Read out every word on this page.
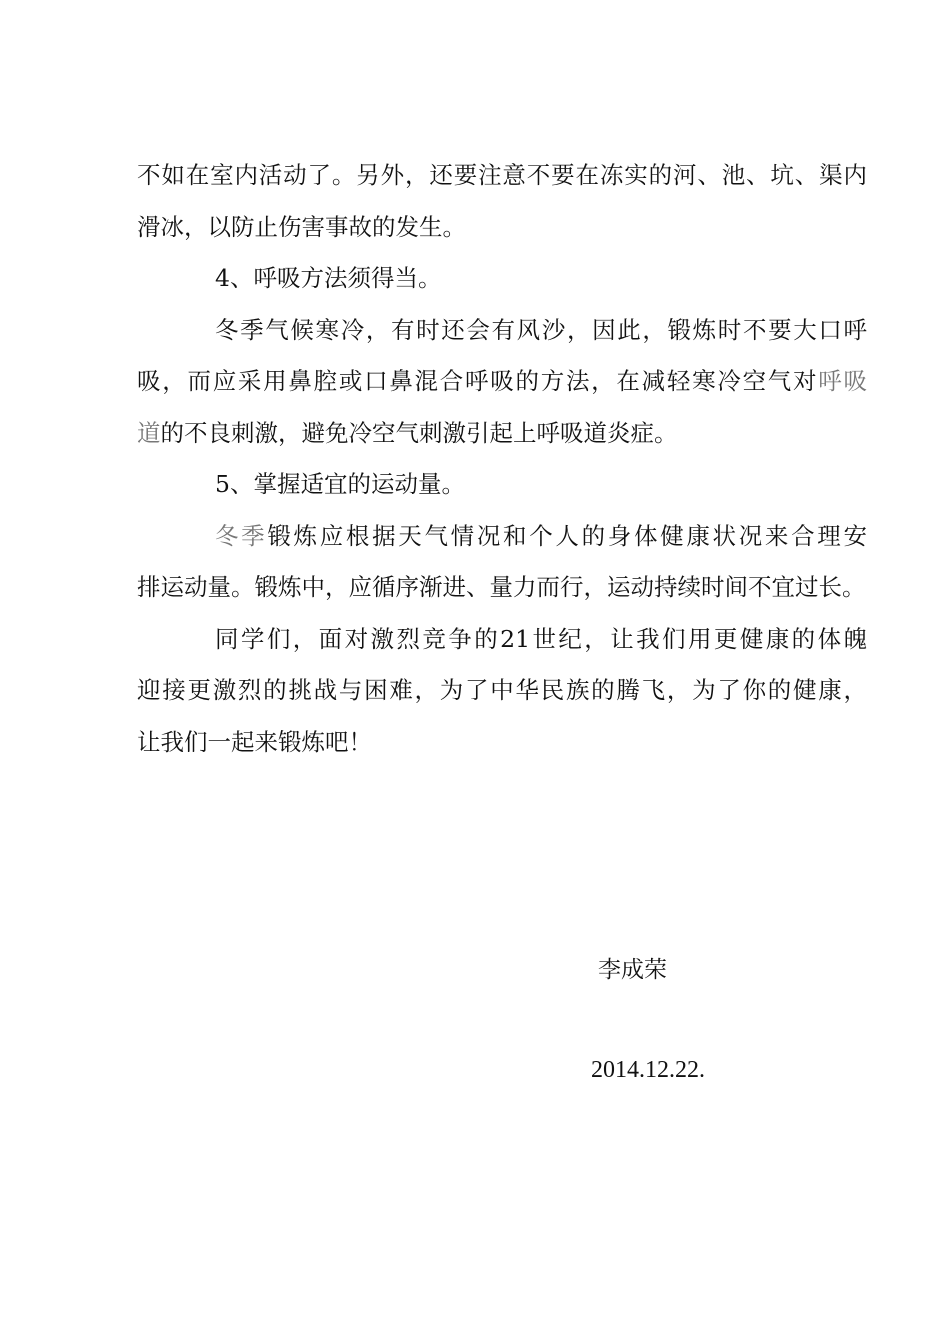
不如在室内活动了。另外，还要注意不要在冻实的河、池、坑、渠内
滑冰，以防止伤害事故的发生。
4、呼吸方法须得当。
冬季气候寒冷，有时还会有风沙，因此，锻炼时不要大口呼
吸，而应采用鼻腔或口鼻混合呼吸的方法，在减轻寒冷空气对呼吸
道的不良刺激，避免冷空气刺激引起上呼吸道炎症。
5、掌握适宜的运动量。
冬季锻炼应根据天气情况和个人的身体健康状况来合理安
排运动量。锻炼中，应循序渐进、量力而行，运动持续时间不宜过长。
同学们，面对激烈竞争的21世纪，让我们用更健康的体魄
迎接更激烈的挑战与困难，为了中华民族的腾飞，为了你的健康，
让我们一起来锻炼吧！
李成荣
2014.12.22.
